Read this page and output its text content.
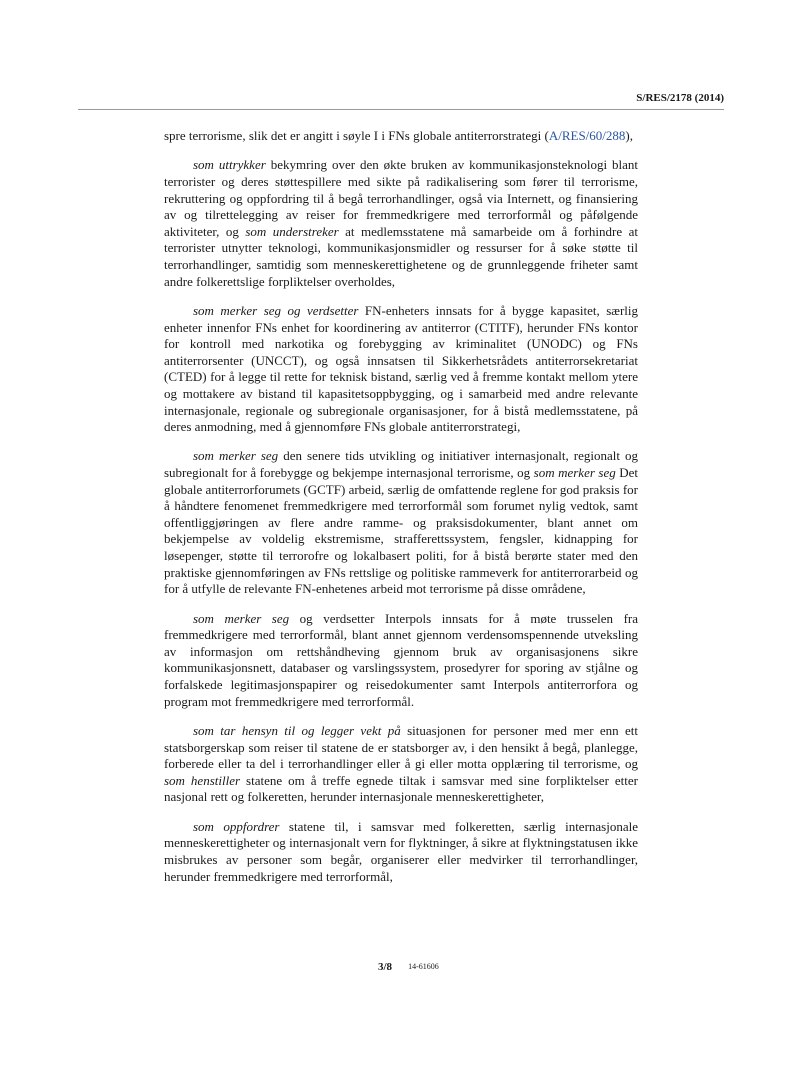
S/RES/2178 (2014)

spre terrorisme, slik det er angitt i søyle I i FNs globale antiterrorstrategi (A/RES/60/288),

som uttrykker bekymring over den økte bruken av kommunikasjonsteknologi blant terrorister og deres støttespillere med sikte på radikalisering som fører til terrorisme, rekruttering og oppfordring til å begå terrorhandlinger, også via Internett, og finansiering av og tilrettelegging av reiser for fremmedkrigere med terrorformål og påfølgende aktiviteter, og som understreker at medlemsstatene må samarbeide om å forhindre at terrorister utnytter teknologi, kommunikasjonsmidler og ressurser for å søke støtte til terrorhandlinger, samtidig som menneskerettighetene og de grunnleggende friheter samt andre folkerettslige forpliktelser overholdes,

som merker seg og verdsetter FN-enheters innsats for å bygge kapasitet, særlig enheter innenfor FNs enhet for koordinering av antiterror (CTITF), herunder FNs kontor for kontroll med narkotika og forebygging av kriminalitet (UNODC) og FNs antiterrorsenter (UNCCT), og også innsatsen til Sikkerhetsrådets antiterrorsekretariat (CTED) for å legge til rette for teknisk bistand, særlig ved å fremme kontakt mellom ytere og mottakere av bistand til kapasitetsoppbygging, og i samarbeid med andre relevante internasjonale, regionale og subregionale organisasjoner, for å bistå medlemsstatene, på deres anmodning, med å gjennomføre FNs globale antiterrorstrategi,

som merker seg den senere tids utvikling og initiativer internasjonalt, regionalt og subregionalt for å forebygge og bekjempe internasjonal terrorisme, og som merker seg Det globale antiterrorforumets (GCTF) arbeid, særlig de omfattende reglene for god praksis for å håndtere fenomenet fremmedkrigere med terrorformål som forumet nylig vedtok, samt offentliggjøringen av flere andre ramme- og praksisdokumenter, blant annet om bekjempelse av voldelig ekstremisme, strafferettssystem, fengsler, kidnapping for løsepenger, støtte til terrorofre og lokalbasert politi, for å bistå berørte stater med den praktiske gjennomføringen av FNs rettslige og politiske rammeverk for antiterrorarbeid og for å utfylle de relevante FN-enhetenes arbeid mot terrorisme på disse områdene,

som merker seg og verdsetter Interpols innsats for å møte trusselen fra fremmedkrigere med terrorformål, blant annet gjennom verdensomspennende utveksling av informasjon om rettshåndheving gjennom bruk av organisasjonens sikre kommunikasjonsnett, databaser og varslingssystem, prosedyrer for sporing av stjålne og forfalskede legitimasjonspapirer og reisedokumenter samt Interpols antiterrorfora og program mot fremmedkrigere med terrorformål.

som tar hensyn til og legger vekt på situasjonen for personer med mer enn ett statsborgerskap som reiser til statene de er statsborger av, i den hensikt å begå, planlegge, forberede eller ta del i terrorhandlinger eller å gi eller motta opplæring til terrorisme, og som henstiller statene om å treffe egnede tiltak i samsvar med sine forpliktelser etter nasjonal rett og folkeretten, herunder internasjonale menneskerettigheter,

som oppfordrer statene til, i samsvar med folkeretten, særlig internasjonale menneskerettigheter og internasjonalt vern for flyktninger, å sikre at flyktningstatusen ikke misbrukes av personer som begår, organiserer eller medvirker til terrorhandlinger, herunder fremmedkrigere med terrorformål,

3/8 14-61606
